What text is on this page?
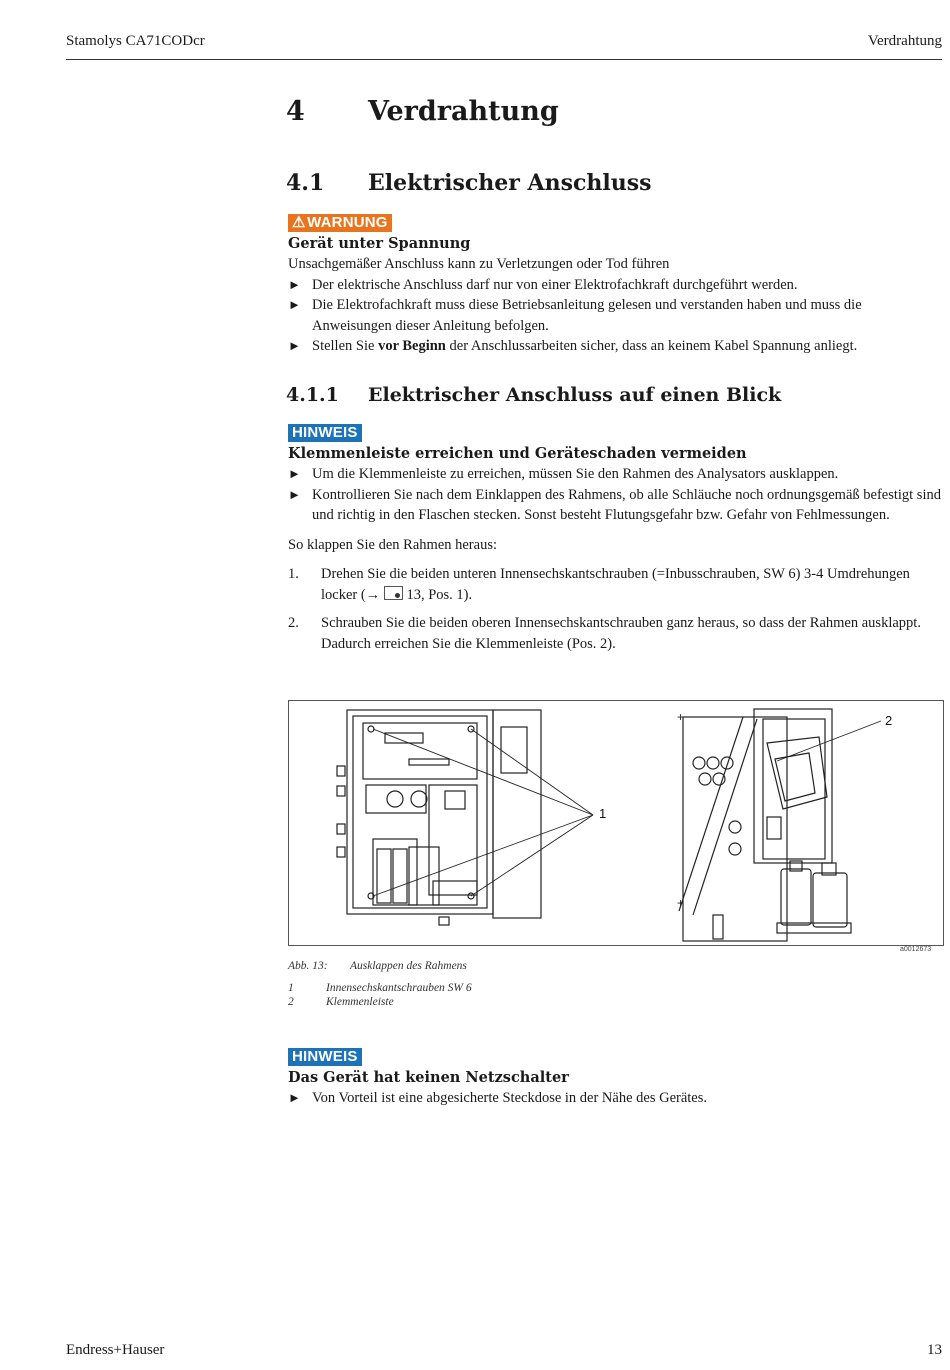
Stamolys CA71CODcr	Verdrahtung
4 Verdrahtung
4.1 Elektrischer Anschluss
⚠ WARNUNG
Gerät unter Spannung
Unsachgemäßer Anschluss kann zu Verletzungen oder Tod führen
► Der elektrische Anschluss darf nur von einer Elektrofachkraft durchgeführt werden.
► Die Elektrofachkraft muss diese Betriebsanleitung gelesen und verstanden haben und muss die Anweisungen dieser Anleitung befolgen.
► Stellen Sie vor Beginn der Anschlussarbeiten sicher, dass an keinem Kabel Spannung anliegt.
4.1.1 Elektrischer Anschluss auf einen Blick
HINWEIS
Klemmenleiste erreichen und Geräteschaden vermeiden
► Um die Klemmenleiste zu erreichen, müssen Sie den Rahmen des Analysators ausklappen.
► Kontrollieren Sie nach dem Einklappen des Rahmens, ob alle Schläuche noch ordnungsgemäß befestigt sind und richtig in den Flaschen stecken. Sonst besteht Flutungsgefahr bzw. Gefahr von Fehlmessungen.
So klappen Sie den Rahmen heraus:
1. Drehen Sie die beiden unteren Innensechskantschrauben (=Inbusschrauben, SW 6) 3-4 Umdrehungen locker (→
13, Pos. 1).
2. Schrauben Sie die beiden oberen Innensechskantschrauben ganz heraus, so dass der Rahmen ausklappt. Dadurch erreichen Sie die Klemmenleiste (Pos. 2).
+
+
1
2
a0012673
Abb. 13: Ausklappen des Rahmens
1	Innensechskantschrauben SW 6
2	Klemmenleiste
HINWEIS
Das Gerät hat keinen Netzschalter
► Von Vorteil ist eine abgesicherte Steckdose in der Nähe des Gerätes.
Endress+Hauser	13
